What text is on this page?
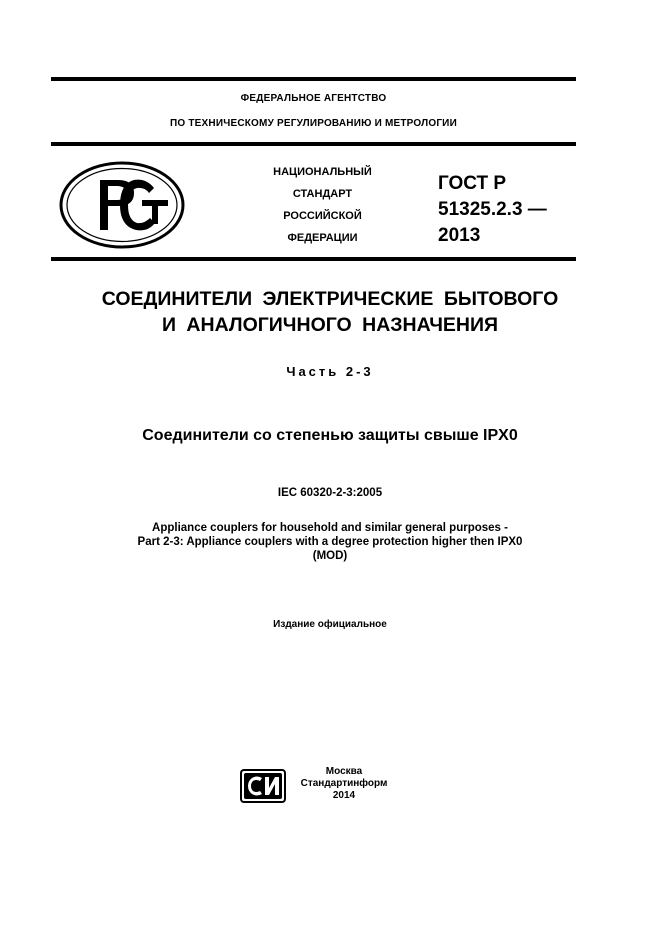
ФЕДЕРАЛЬНОЕ АГЕНТСТВО
ПО ТЕХНИЧЕСКОМУ РЕГУЛИРОВАНИЮ И МЕТРОЛОГИИ
НАЦИОНАЛЬНЫЙ
СТАНДАРТ
РОССИЙСКОЙ
ФЕДЕРАЦИИ
ГОСТ Р
51325.2.3 —
2013
СОЕДИНИТЕЛИ ЭЛЕКТРИЧЕСКИЕ БЫТОВОГО
И АНАЛОГИЧНОГО НАЗНАЧЕНИЯ
Часть 2-3
Соединители со степенью защиты свыше IPX0
IEC 60320-2-3:2005
Appliance couplers for household and similar general purposes -
Part 2-3: Appliance couplers with a degree protection higher then IPX0
(MOD)
Издание официальное
Москва
Стандартинформ
2014
